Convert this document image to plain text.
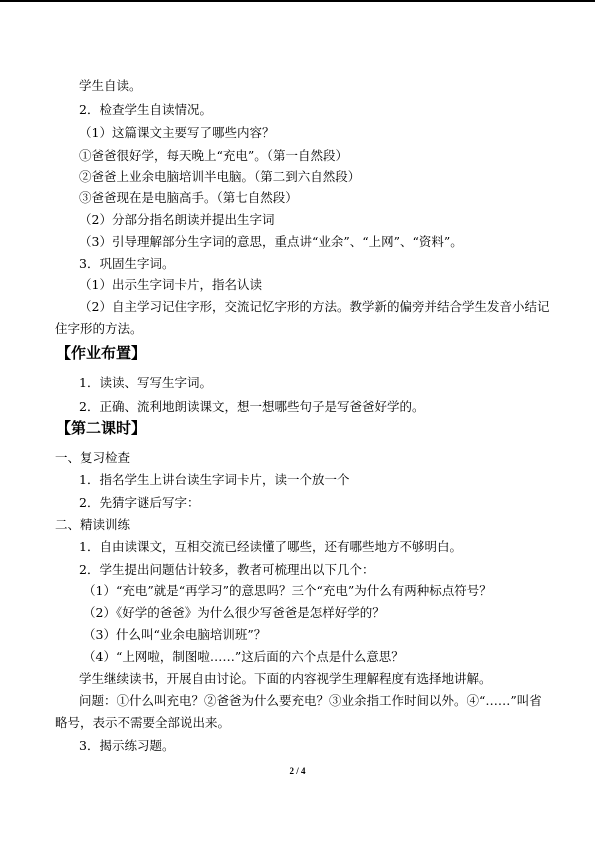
学生自读。
2．检查学生自读情况。
（1）这篇课文主要写了哪些内容？
①爸爸很好学，每天晚上“充电”。（第一自然段）
②爸爸上业余电脑培训半电脑。（第二到六自然段）
③爸爸现在是电脑高手。（第七自然段）
（2）分部分指名朗读并提出生字词
（3）引导理解部分生字词的意思，重点讲“业余”、“上网”、“资料”。
3．巩固生字词。
（1）出示生字词卡片，指名认读
（2）自主学习记住字形，交流记忆字形的方法。教学新的偏旁并结合学生发音小结记住字形的方法。
【作业布置】
1．读读、写写生字词。
2．正确、流利地朗读课文，想一想哪些句子是写爸爸好学的。
【第二课时】
一、复习检查
1．指名学生上讲台读生字词卡片，读一个放一个
2．先猜字谜后写字：
二、精读训练
1．自由读课文，互相交流已经读懂了哪些，还有哪些地方不够明白。
2．学生提出问题估计较多，教者可梳理出以下几个：
（1）“充电”就是“再学习”的意思吗？三个“充电”为什么有两种标点符号？
（2）《好学的爸爸》为什么很少写爸爸是怎样好学的？
（3）什么叫“业余电脑培训班”？
（4）“上网啦，制图啦……”这后面的六个点是什么意思？
学生继续读书，开展自由讨论。下面的内容视学生理解程度有选择地讲解。
问题：①什么叫充电？②爸爸为什么要充电？③业余指工作时间以外。④“……”叫省略号，表示不需要全部说出来。
3．揭示练习题。
2 / 4
